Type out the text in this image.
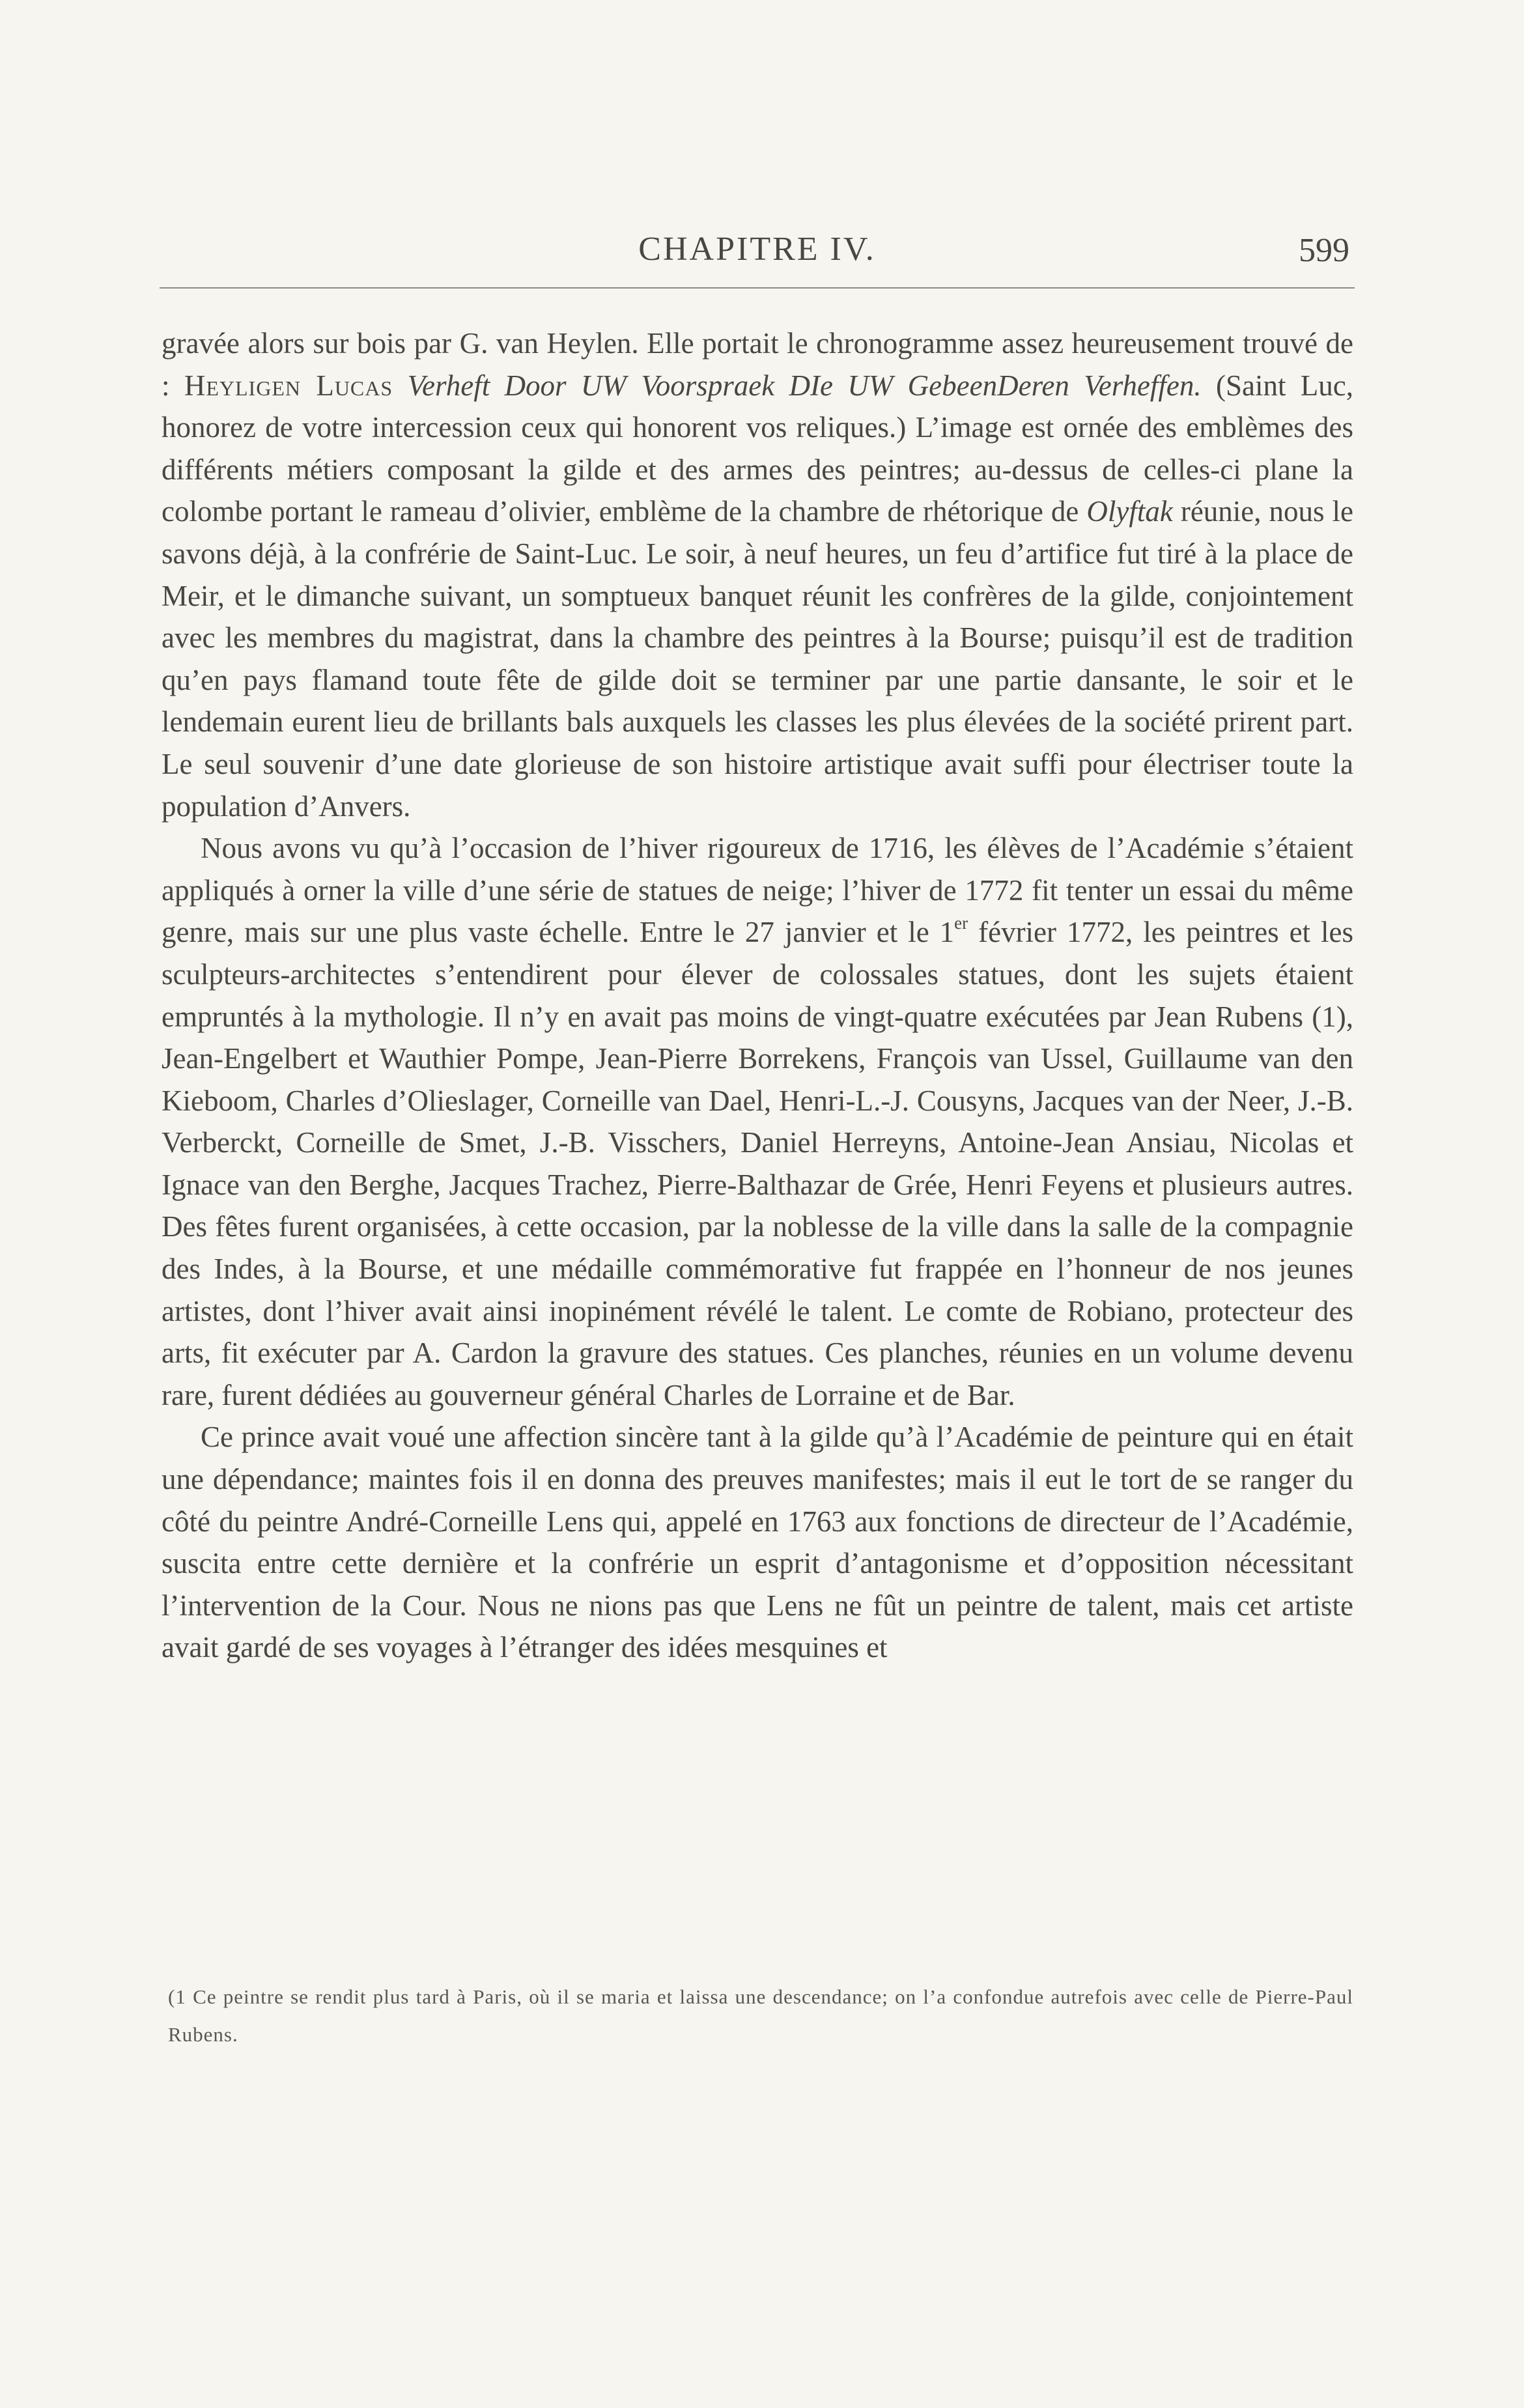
CHAPITRE IV.	599

gravée alors sur bois par G. van Heylen. Elle portait le chronogramme assez heureusement trouvé de : Heyligen Lucas Verheft Door UW Voorspraek DIe UW GebeenDeren Verheffen. (Saint Luc, honorez de votre intercession ceux qui honorent vos reliques.) L’image est ornée des emblèmes des différents métiers composant la gilde et des armes des peintres; au-dessus de celles-ci plane la colombe portant le rameau d’olivier, emblème de la chambre de rhétorique de Olyftak réunie, nous le savons déjà, à la confrérie de Saint-Luc. Le soir, à neuf heures, un feu d’artifice fut tiré à la place de Meir, et le dimanche suivant, un somptueux banquet réunit les confrères de la gilde, conjointement avec les membres du magistrat, dans la chambre des peintres à la Bourse; puisqu’il est de tradition qu’en pays flamand toute fête de gilde doit se terminer par une partie dansante, le soir et le lendemain eurent lieu de brillants bals auxquels les classes les plus élevées de la société prirent part. Le seul souvenir d’une date glorieuse de son histoire artistique avait suffi pour électriser toute la population d’Anvers.

Nous avons vu qu’à l’occasion de l’hiver rigoureux de 1716, les élèves de l’Académie s’étaient appliqués à orner la ville d’une série de statues de neige; l’hiver de 1772 fit tenter un essai du même genre, mais sur une plus vaste échelle. Entre le 27 janvier et le 1er février 1772, les peintres et les sculpteurs-architectes s’entendirent pour élever de colossales statues, dont les sujets étaient empruntés à la mythologie. Il n’y en avait pas moins de vingt-quatre exécutées par Jean Rubens (1), Jean-Engelbert et Wauthier Pompe, Jean-Pierre Borrekens, François van Ussel, Guillaume van den Kieboom, Charles d’Olieslager, Corneille van Dael, Henri-L.-J. Cousyns, Jacques van der Neer, J.-B. Verberckt, Corneille de Smet, J.-B. Visschers, Daniel Herreyns, Antoine-Jean Ansiau, Nicolas et Ignace van den Berghe, Jacques Trachez, Pierre-Balthazar de Grée, Henri Feyens et plusieurs autres. Des fêtes furent organisées, à cette occasion, par la noblesse de la ville dans la salle de la compagnie des Indes, à la Bourse, et une médaille commémorative fut frappée en l’honneur de nos jeunes artistes, dont l’hiver avait ainsi inopinément révélé le talent. Le comte de Robiano, protecteur des arts, fit exécuter par A. Cardon la gravure des statues. Ces planches, réunies en un volume devenu rare, furent dédiées au gouverneur général Charles de Lorraine et de Bar.

Ce prince avait voué une affection sincère tant à la gilde qu’à l’Académie de peinture qui en était une dépendance; maintes fois il en donna des preuves manifestes; mais il eut le tort de se ranger du côté du peintre André-Corneille Lens qui, appelé en 1763 aux fonctions de directeur de l’Académie, suscita entre cette dernière et la confrérie un esprit d’antagonisme et d’opposition nécessitant l’intervention de la Cour. Nous ne nions pas que Lens ne fût un peintre de talent, mais cet artiste avait gardé de ses voyages à l’étranger des idées mesquines et

(1 Ce peintre se rendit plus tard à Paris, où il se maria et laissa une descendance; on l’a confondue autrefois avec celle de Pierre-Paul Rubens.
